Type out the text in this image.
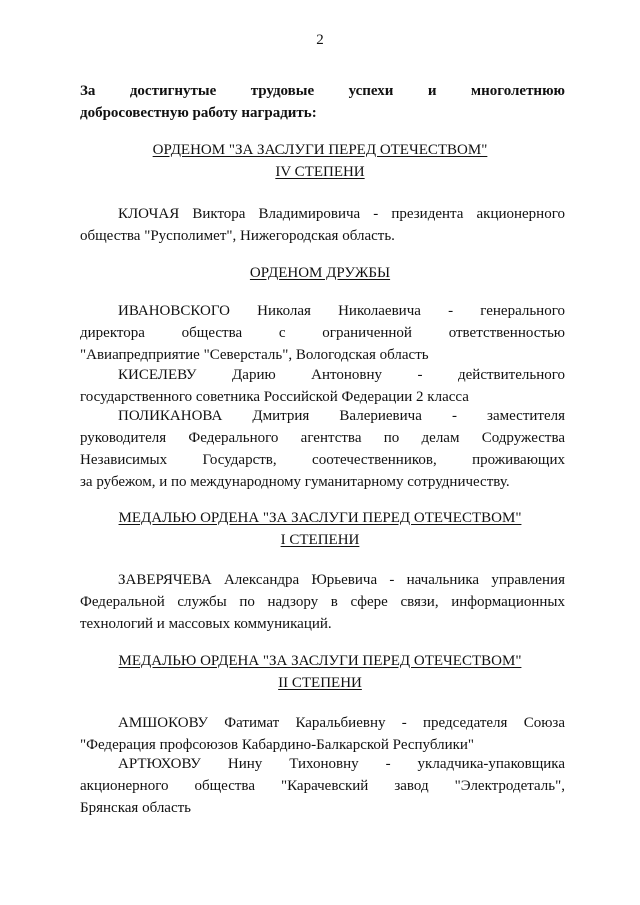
2
За достигнутые трудовые успехи и многолетнюю
добросовестную работу наградить:
ОРДЕНОМ "ЗА ЗАСЛУГИ ПЕРЕД ОТЕЧЕСТВОМ"
IV СТЕПЕНИ
КЛОЧАЯ Виктора Владимировича - президента акционерного
общества "Русполимет", Нижегородская область.
ОРДЕНОМ ДРУЖБЫ
ИВАНОВСКОГО Николая Николаевича - генерального
директора общества с ограниченной ответственностью
"Авиапредприятие "Северсталь", Вологодская область
КИСЕЛЕВУ Дарию Антоновну - действительного
государственного советника Российской Федерации 2 класса
ПОЛИКАНОВА Дмитрия Валериевича - заместителя
руководителя Федерального агентства по делам Содружества
Независимых Государств, соотечественников, проживающих
за рубежом, и по международному гуманитарному сотрудничеству.
МЕДАЛЬЮ ОРДЕНА "ЗА ЗАСЛУГИ ПЕРЕД ОТЕЧЕСТВОМ"
I СТЕПЕНИ
ЗАВЕРЯЧЕВА Александра Юрьевича - начальника управления
Федеральной службы по надзору в сфере связи, информационных
технологий и массовых коммуникаций.
МЕДАЛЬЮ ОРДЕНА "ЗА ЗАСЛУГИ ПЕРЕД ОТЕЧЕСТВОМ"
II СТЕПЕНИ
АМШОКОВУ Фатимат Каральбиевну - председателя Союза
"Федерация профсоюзов Кабардино-Балкарской Республики"
АРТЮХОВУ Нину Тихоновну - укладчика-упаковщика
акционерного общества "Карачевский завод "Электродеталь",
Брянская область
